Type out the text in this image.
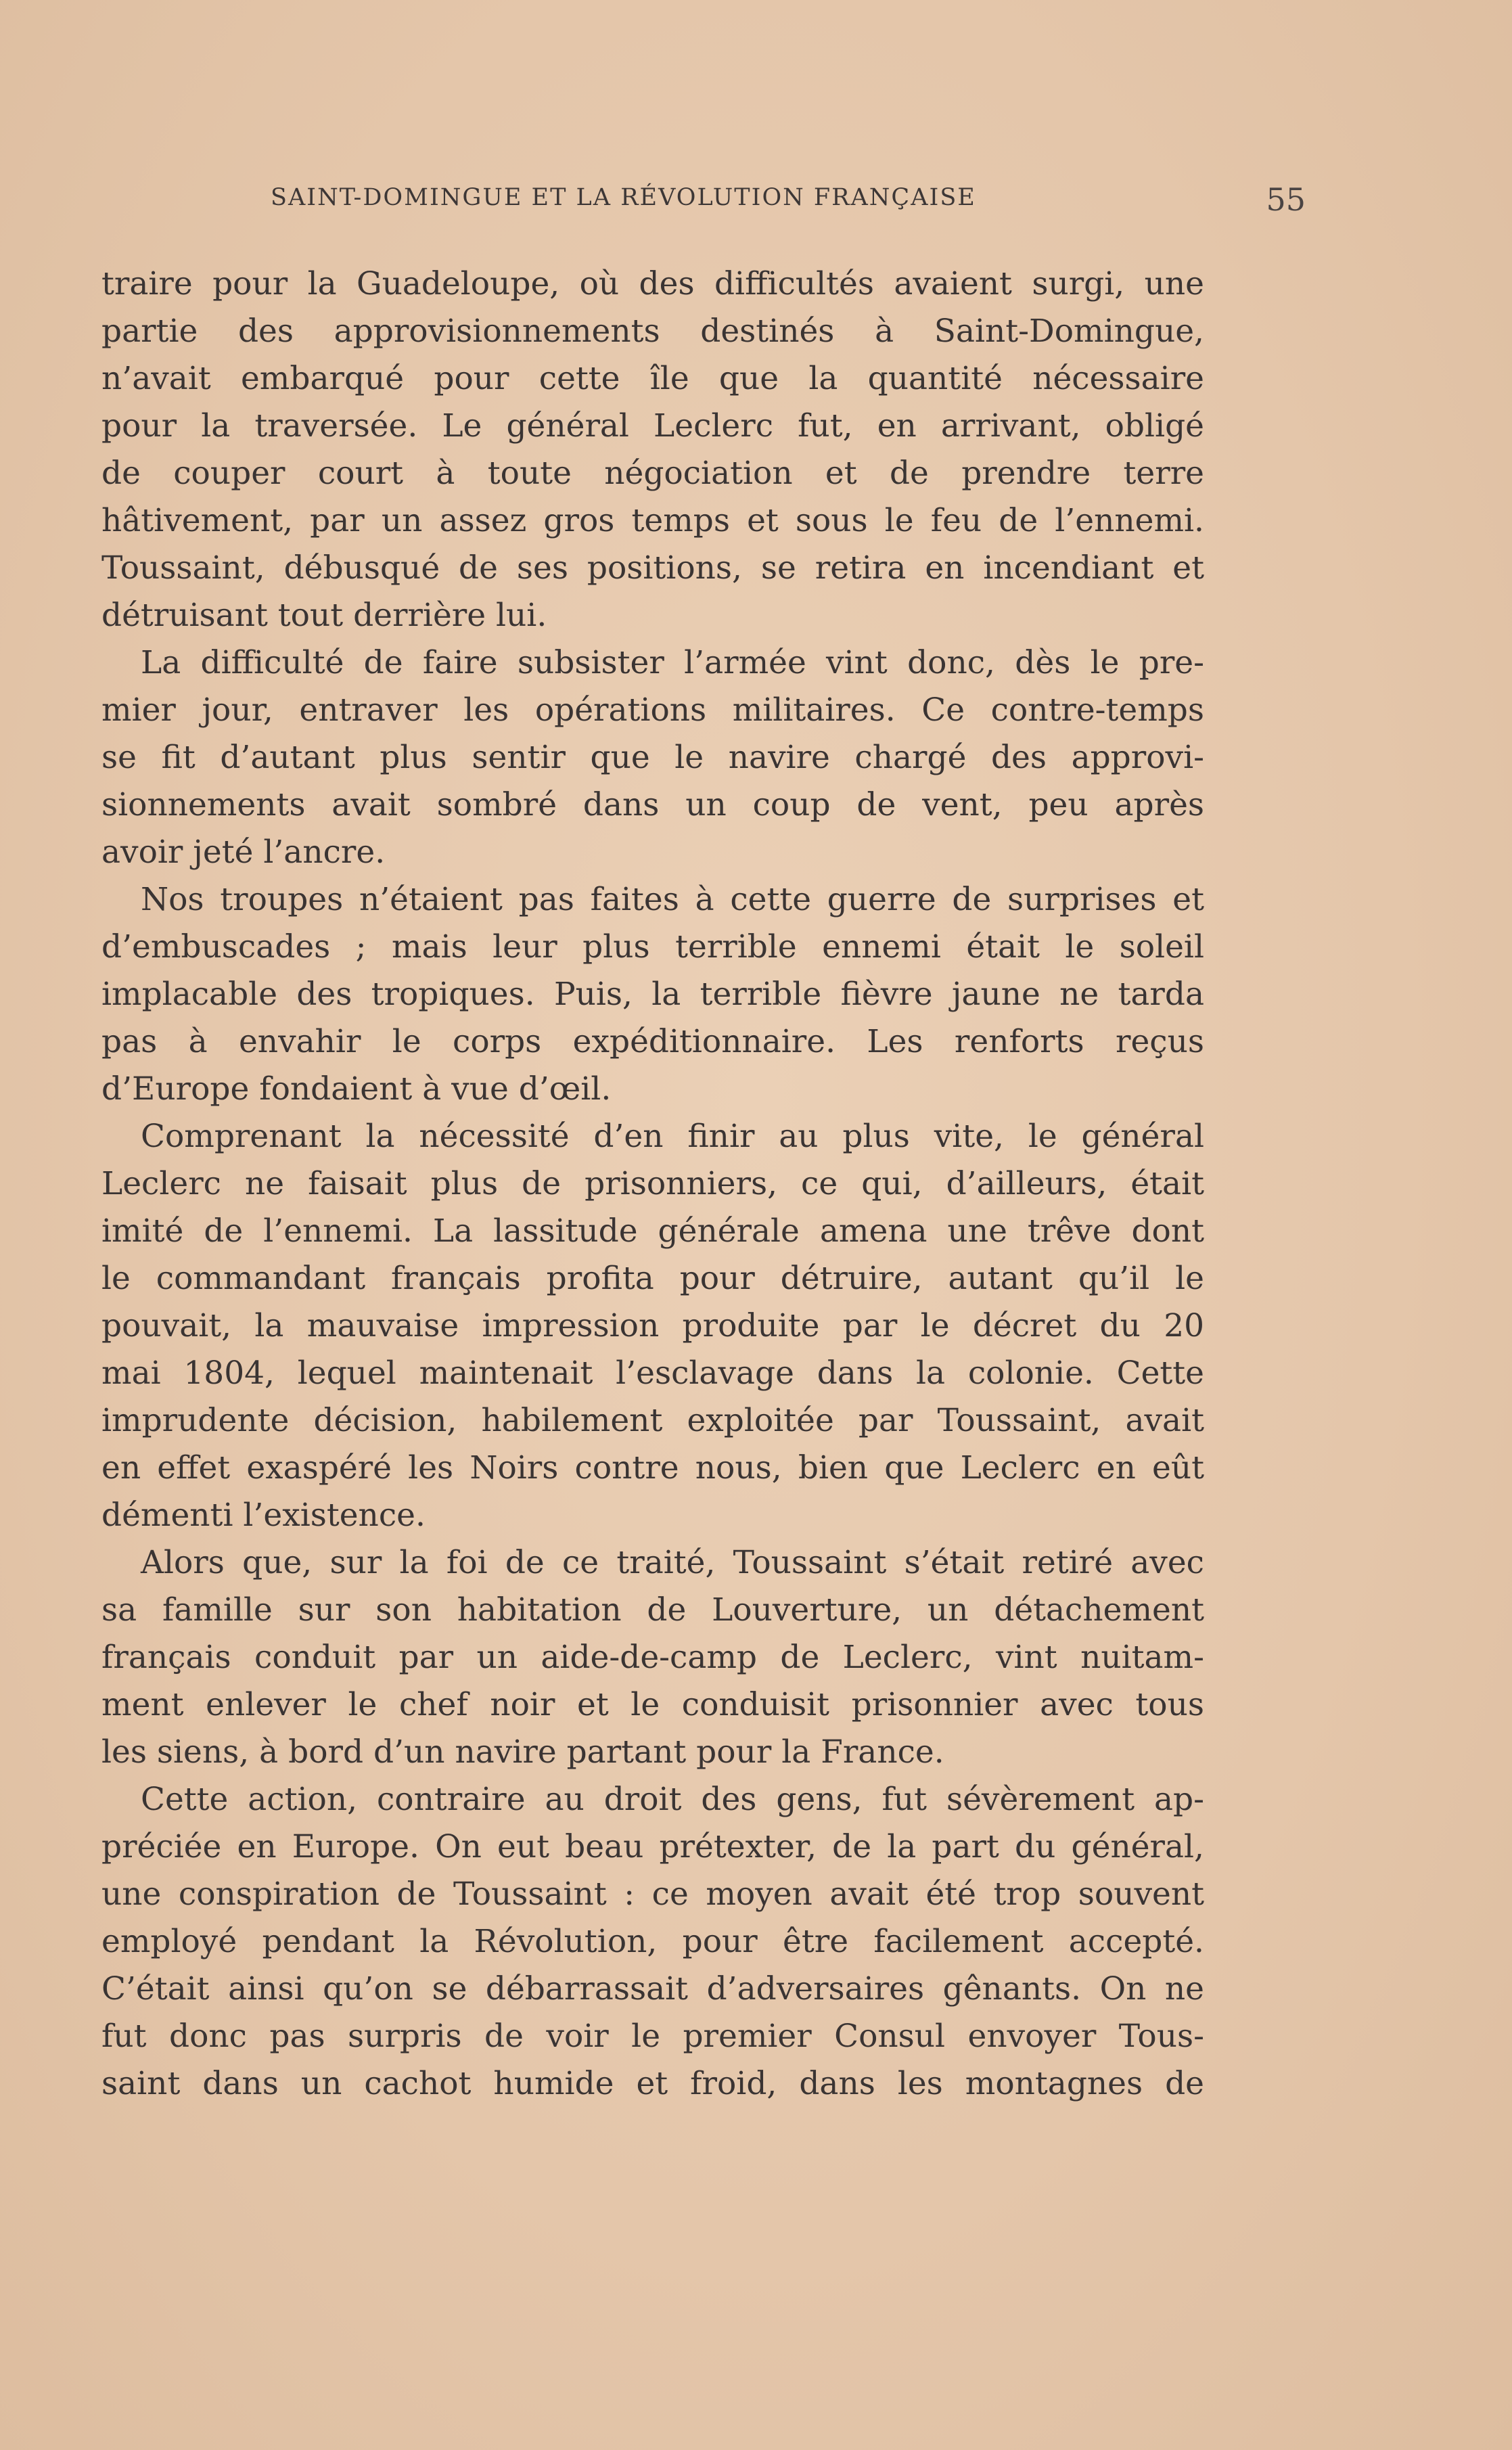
SAINT-DOMINGUE ET LA RÉVOLUTION FRANÇAISE	55
traire pour la Guadeloupe, où des difficultés avaient surgi, une
partie des approvisionnements destinés à Saint-Domingue,
n’avait embarqué pour cette île que la quantité nécessaire
pour la traversée. Le général Leclerc fut, en arrivant, obligé
de couper court à toute négociation et de prendre terre
hâtivement, par un assez gros temps et sous le feu de l’ennemi.
Toussaint, débusqué de ses positions, se retira en incendiant et
détruisant tout derrière lui.
La difficulté de faire subsister l’armée vint donc, dès le pre-
mier jour, entraver les opérations militaires. Ce contre-temps
se fit d’autant plus sentir que le navire chargé des approvi-
sionnements avait sombré dans un coup de vent, peu après
avoir jeté l’ancre.
Nos troupes n’étaient pas faites à cette guerre de surprises et
d’embuscades ; mais leur plus terrible ennemi était le soleil
implacable des tropiques. Puis, la terrible fièvre jaune ne tarda
pas à envahir le corps expéditionnaire. Les renforts reçus
d’Europe fondaient à vue d’œil.
Comprenant la nécessité d’en finir au plus vite, le général
Leclerc ne faisait plus de prisonniers, ce qui, d’ailleurs, était
imité de l’ennemi. La lassitude générale amena une trêve dont
le commandant français profita pour détruire, autant qu’il le
pouvait, la mauvaise impression produite par le décret du 20
mai 1804, lequel maintenait l’esclavage dans la colonie. Cette
imprudente décision, habilement exploitée par Toussaint, avait
en effet exaspéré les Noirs contre nous, bien que Leclerc en eût
démenti l’existence.
Alors que, sur la foi de ce traité, Toussaint s’était retiré avec
sa famille sur son habitation de Louverture, un détachement
français conduit par un aide-de-camp de Leclerc, vint nuitam-
ment enlever le chef noir et le conduisit prisonnier avec tous
les siens, à bord d’un navire partant pour la France.
Cette action, contraire au droit des gens, fut sévèrement ap-
préciée en Europe. On eut beau prétexter, de la part du général,
une conspiration de Toussaint : ce moyen avait été trop souvent
employé pendant la Révolution, pour être facilement accepté.
C’était ainsi qu’on se débarrassait d’adversaires gênants. On ne
fut donc pas surpris de voir le premier Consul envoyer Tous-
saint dans un cachot humide et froid, dans les montagnes de
